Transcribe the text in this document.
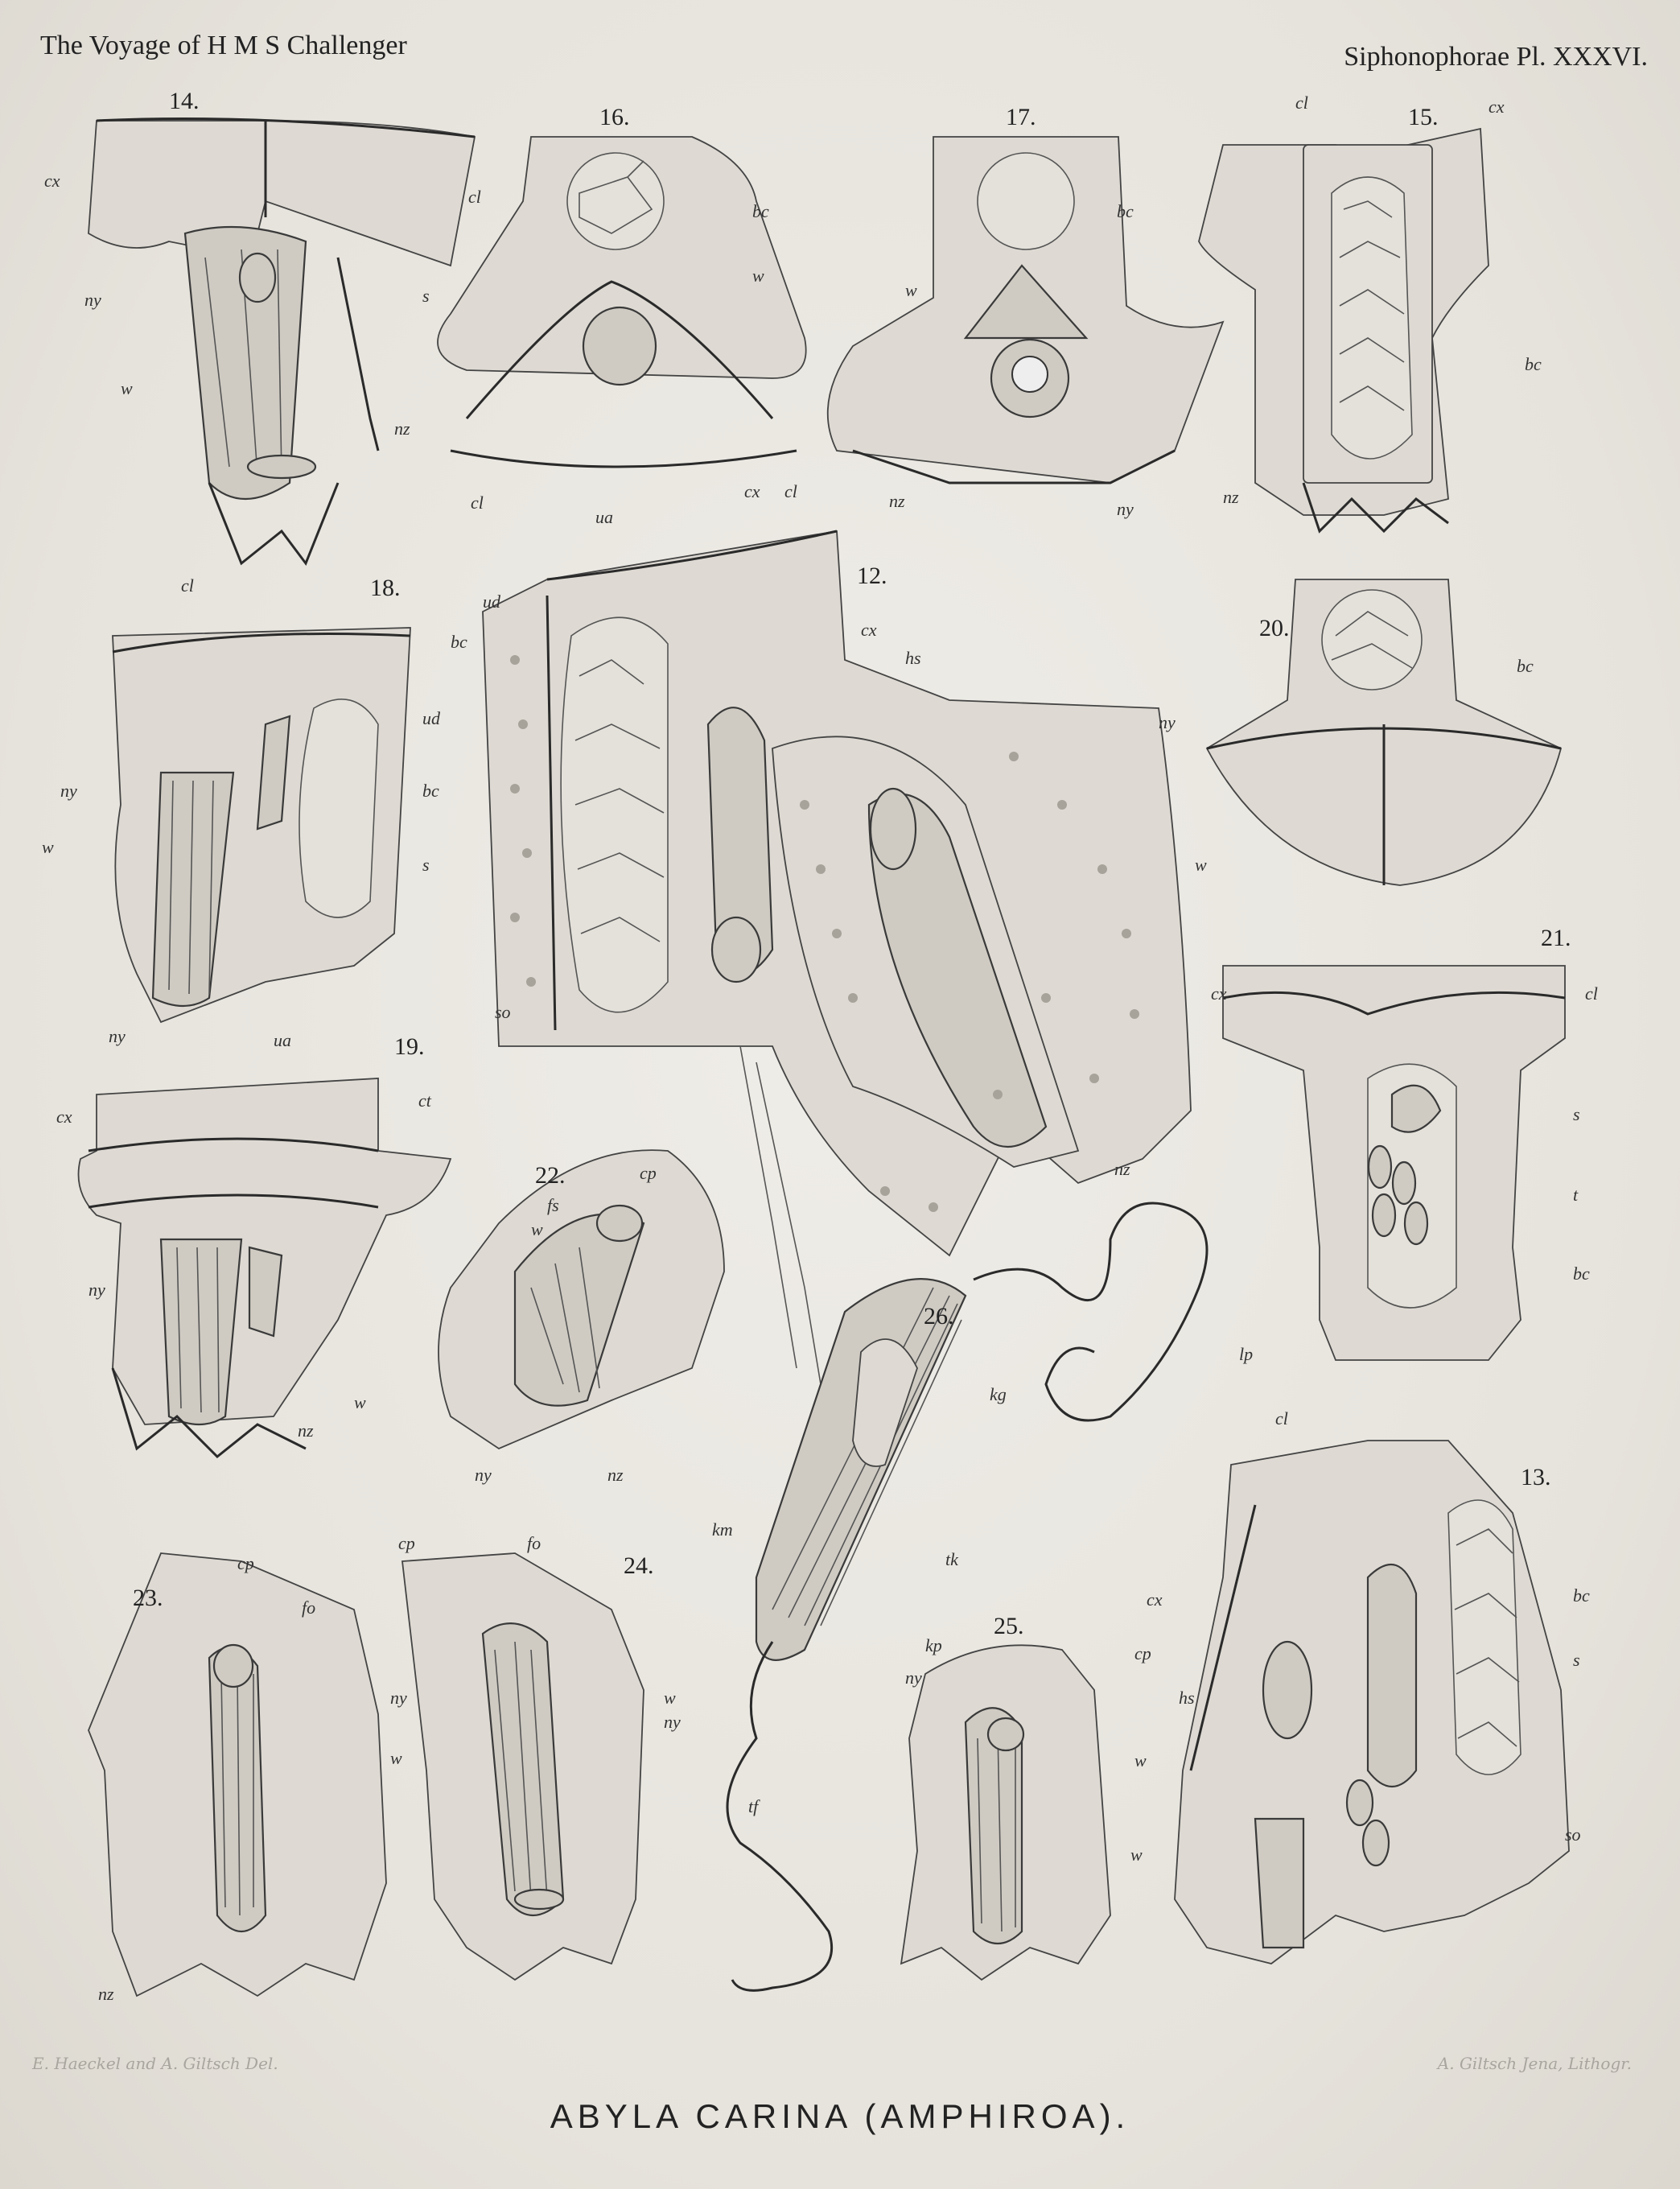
The Voyage of H M S Challenger	Siphonophorae Pl. XXXVI.
14.
cx
cl
ny	s
w
nz
16.
bc
w
cl
cx
17.
bc
w
nz	ny
15.
cl	cx
bc
nz
18.
cl
ud
ny	bc
w
s
ny
12.
ua
cl
cx
ud
bc
hs
ny
w
so
nz
20.
bc
21.
cx	cl
s
t
bc
19.
ua
cx
ct
ny
w
nz
22.	cp
fs
w
ny	nz
26.
lp
kg
km
tk
kp
tf
13.
cl
cx	bc
s
hs
so
w
23.
cp
fo
ny
w
nz
24.
cp	fo
w
ny
25.
cp
ny
w
E. Haeckel and A. Giltsch Del.	A. Giltsch Jena, Lithogr.
ABYLA CARINA (AMPHIROA).
